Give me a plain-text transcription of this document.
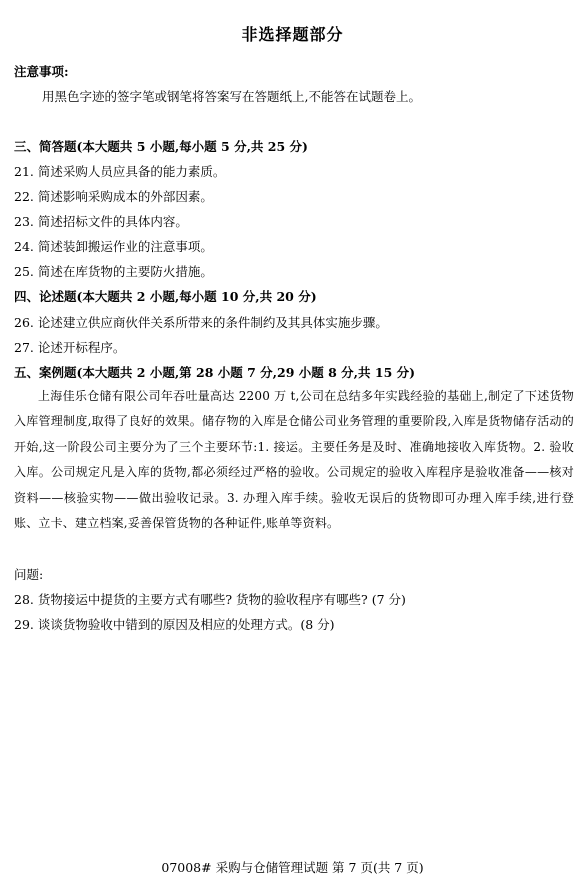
非选择题部分
注意事项:
用黑色字迹的签字笔或钢笔将答案写在答题纸上,不能答在试题卷上。
三、简答题(本大题共 5 小题,每小题 5 分,共 25 分)
21. 简述采购人员应具备的能力素质。
22. 简述影响采购成本的外部因素。
23. 简述招标文件的具体内容。
24. 简述装卸搬运作业的注意事项。
25. 简述在库货物的主要防火措施。
四、论述题(本大题共 2 小题,每小题 10 分,共 20 分)
26. 论述建立供应商伙伴关系所带来的条件制约及其具体实施步骤。
27. 论述开标程序。
五、案例题(本大题共 2 小题,第 28 小题 7 分,29 小题 8 分,共 15 分)
上海佳乐仓储有限公司年吞吐量高达 2200 万 t,公司在总结多年实践经验的基础上,制定了下述货物入库管理制度,取得了良好的效果。储存物的入库是仓储公司业务管理的重要阶段,入库是货物储存活动的开始,这一阶段公司主要分为了三个主要环节:1. 接运。主要任务是及时、准确地接收入库货物。2. 验收入库。公司规定凡是入库的货物,都必须经过严格的验收。公司规定的验收入库程序是验收准备——核对资料——核验实物——做出验收记录。3. 办理入库手续。验收无误后的货物即可办理入库手续,进行登账、立卡、建立档案,妥善保管货物的各种证件,账单等资料。
问题:
28. 货物接运中提货的主要方式有哪些? 货物的验收程序有哪些? (7 分)
29. 谈谈货物验收中错到的原因及相应的处理方式。(8 分)
07008# 采购与仓储管理试题 第 7 页(共 7 页)
